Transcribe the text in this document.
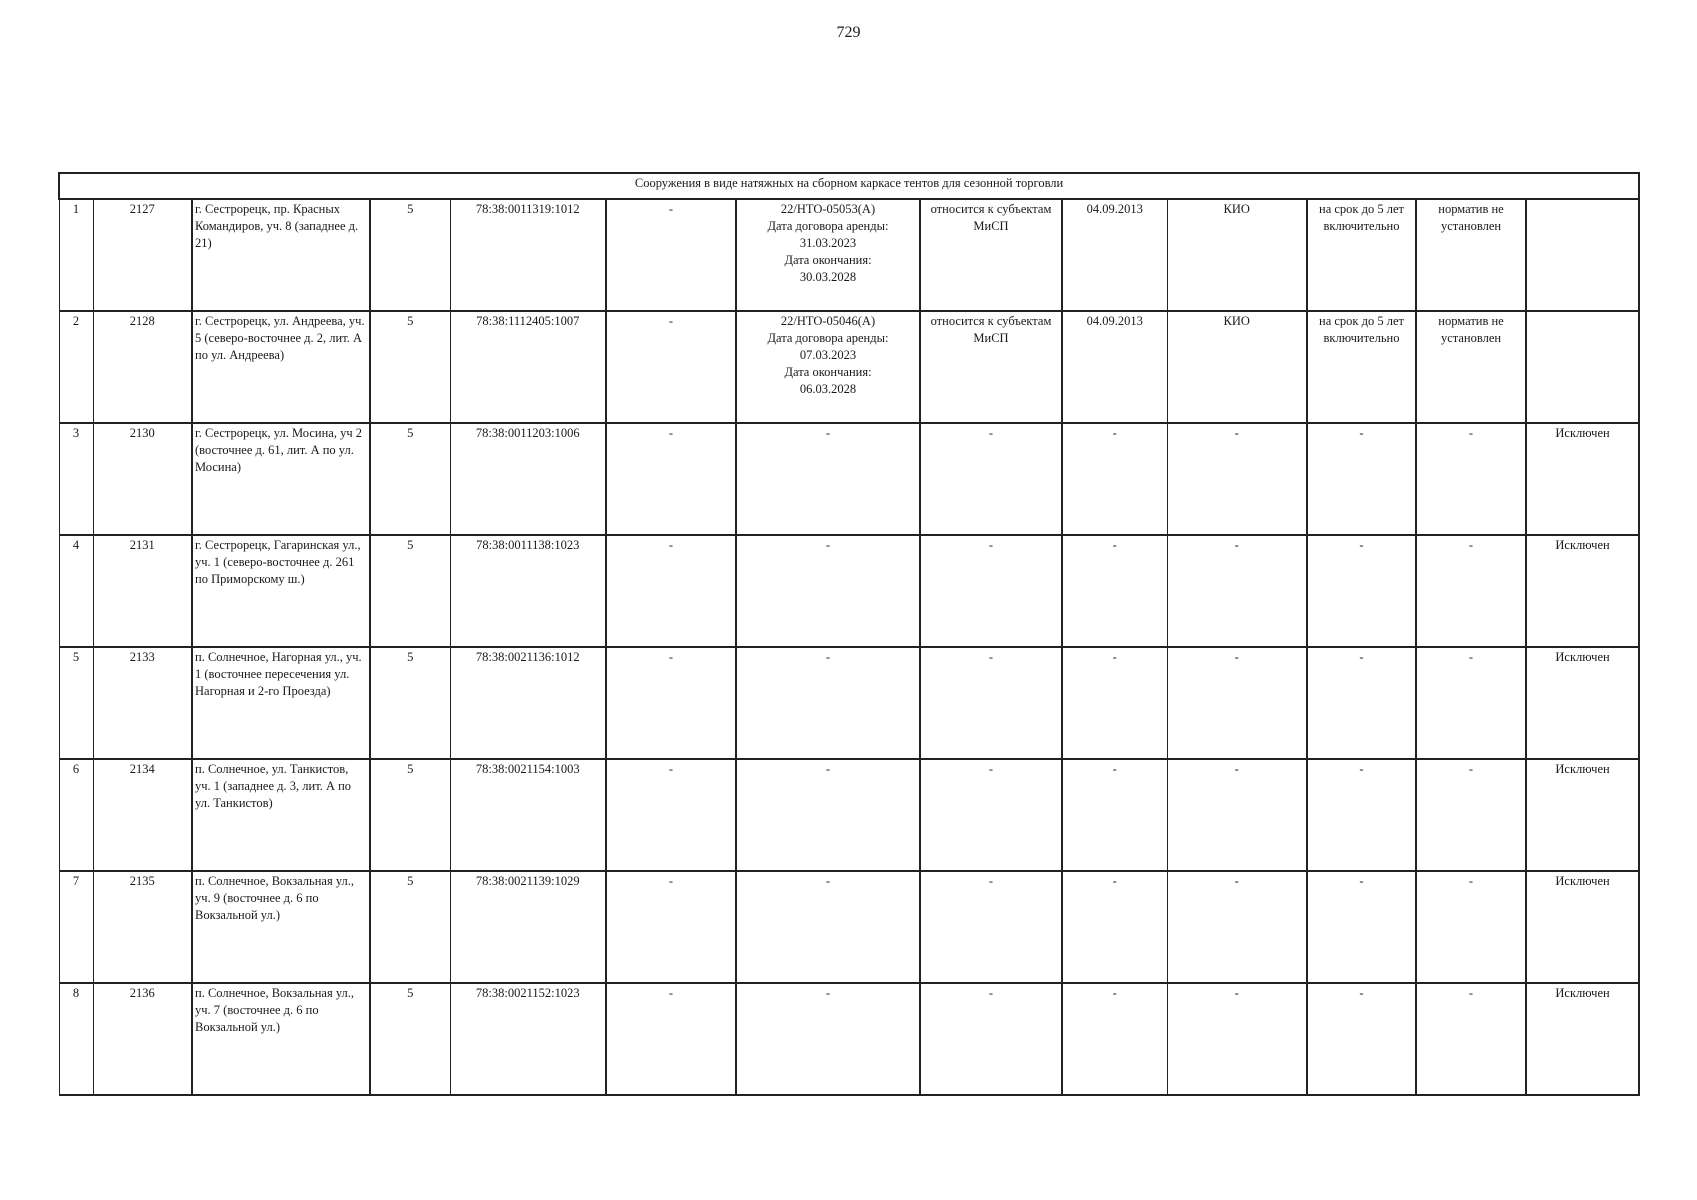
729
Сооружения в виде натяжных на сборном каркасе тентов для сезонной торговли												
1	2127	г. Сестрорецк, пр. Красных Командиров, уч. 8 (западнее д. 21)	5	78:38:0011319:1012	-	22/НТО-05053(А)
Дата договора аренды:
31.03.2023
Дата окончания:
30.03.2028	относится к субъектам МиСП	04.09.2013	КИО	на срок до 5 лет включительно	норматив не установлен	
2	2128	г. Сестрорецк, ул. Андреева, уч. 5 (северо-восточнее д. 2, лит. А по ул. Андреева)	5	78:38:1112405:1007	-	22/НТО-05046(А)
Дата договора аренды:
07.03.2023
Дата окончания:
06.03.2028	относится к субъектам МиСП	04.09.2013	КИО	на срок до 5 лет включительно	норматив не установлен	
3	2130	г. Сестрорецк, ул. Мосина, уч 2 (восточнее д. 61, лит. А по ул. Мосина)	5	78:38:0011203:1006	-	-	-	-	-	-	-	Исключен
4	2131	г. Сестрорецк, Гагаринская ул., уч. 1 (северо-восточнее д. 261 по Приморскому ш.)	5	78:38:0011138:1023	-	-	-	-	-	-	-	Исключен
5	2133	п. Солнечное, Нагорная ул., уч. 1 (восточнее пересечения ул. Нагорная и 2-го Проезда)	5	78:38:0021136:1012	-	-	-	-	-	-	-	Исключен
6	2134	п. Солнечное, ул. Танкистов, уч. 1 (западнее д. 3, лит. А по ул. Танкистов)	5	78:38:0021154:1003	-	-	-	-	-	-	-	Исключен
7	2135	п. Солнечное, Вокзальная ул., уч. 9 (восточнее д. 6 по Вокзальной ул.)	5	78:38:0021139:1029	-	-	-	-	-	-	-	Исключен
8	2136	п. Солнечное, Вокзальная ул., уч. 7 (восточнее д. 6 по Вокзальной ул.)	5	78:38:0021152:1023	-	-	-	-	-	-	-	Исключен
